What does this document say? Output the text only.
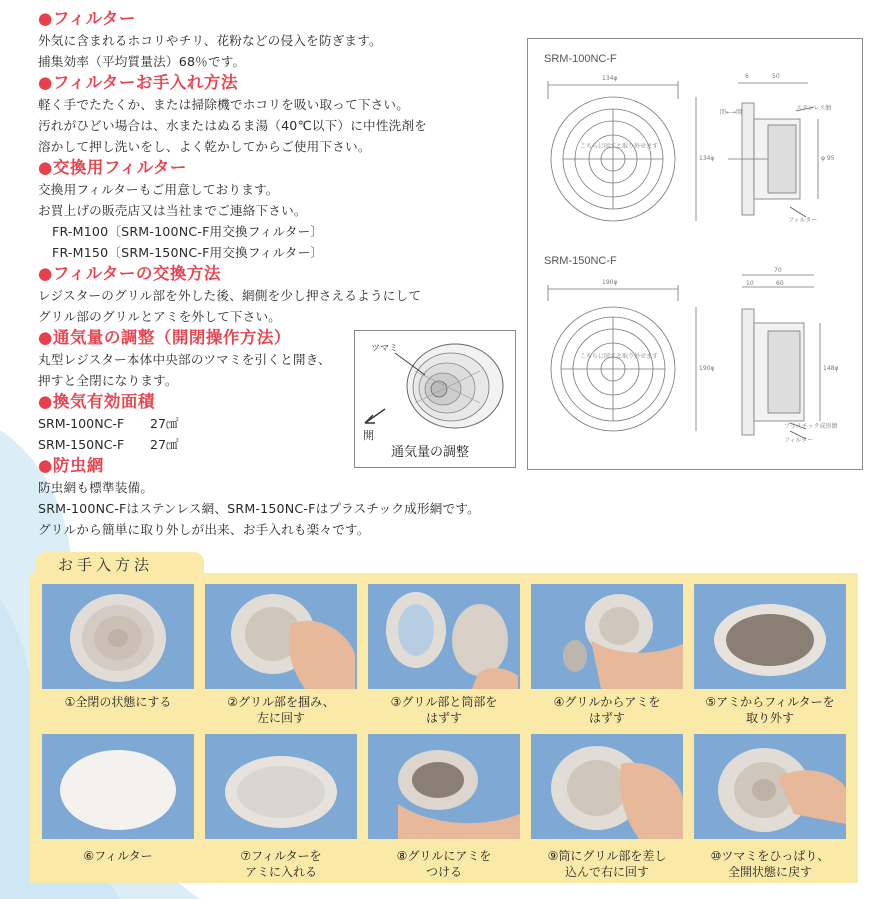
●フィルター
外気に含まれるホコリやチリ、花粉などの侵入を防ぎます。
捕集効率（平均質量法）68％です。
●フィルターお手入れ方法
軽く手でたたくか、または掃除機でホコリを吸い取って下さい。
汚れがひどい場合は、水またはぬるま湯（40℃以下）に中性洗剤を
溶かして押し洗いをし、よく乾かしてからご使用下さい。
●交換用フィルター
交換用フィルターもご用意しております。
お買上げの販売店又は当社までご連絡下さい。
FR-M100〔SRM-100NC-F用交換フィルター〕
FR-M150〔SRM-150NC-F用交換フィルター〕
●フィルターの交換方法
レジスターのグリル部を外した後、網側を少し押さえるようにして
グリル部のグリルとアミを外して下さい。
●通気量の調整（開閉操作方法）
丸型レジスター本体中央部のツマミを引くと開き、
押すと全閉になります。
●換気有効面積
SRM-100NC-F 27㎠
SRM-150NC-F 27㎠
●防虫網
防虫網も標準装備。
SRM-100NC-Fはステンレス網、SRM-150NC-Fはプラスチック成形網です。
グリルから簡単に取り外しが出来、お手入れも楽々です。
ツマミ
開
通気量の調整
SRM-100NC-F
SRM-150NC-F
134φ	6	50
134φ	φ 95
閉←→開
ステンレス網
フィルター
こちらに回すと取り外せます
190φ
70
10	60
190φ	148φ
プラスチック成形網
フィルター
こちらに回すと取り外せます
お手入方法
①全閉の状態にする	②グリル部を掴み、
左に回す
③グリル部と筒部を
はずす
④グリルからアミを
はずす
⑤アミからフィルターを
取り外す
⑥フィルター	⑦フィルターを
アミに入れる
⑧グリルにアミを
つける
⑨筒にグリル部を差し
込んで右に回す
⑩ツマミをひっぱり、
全開状態に戻す
